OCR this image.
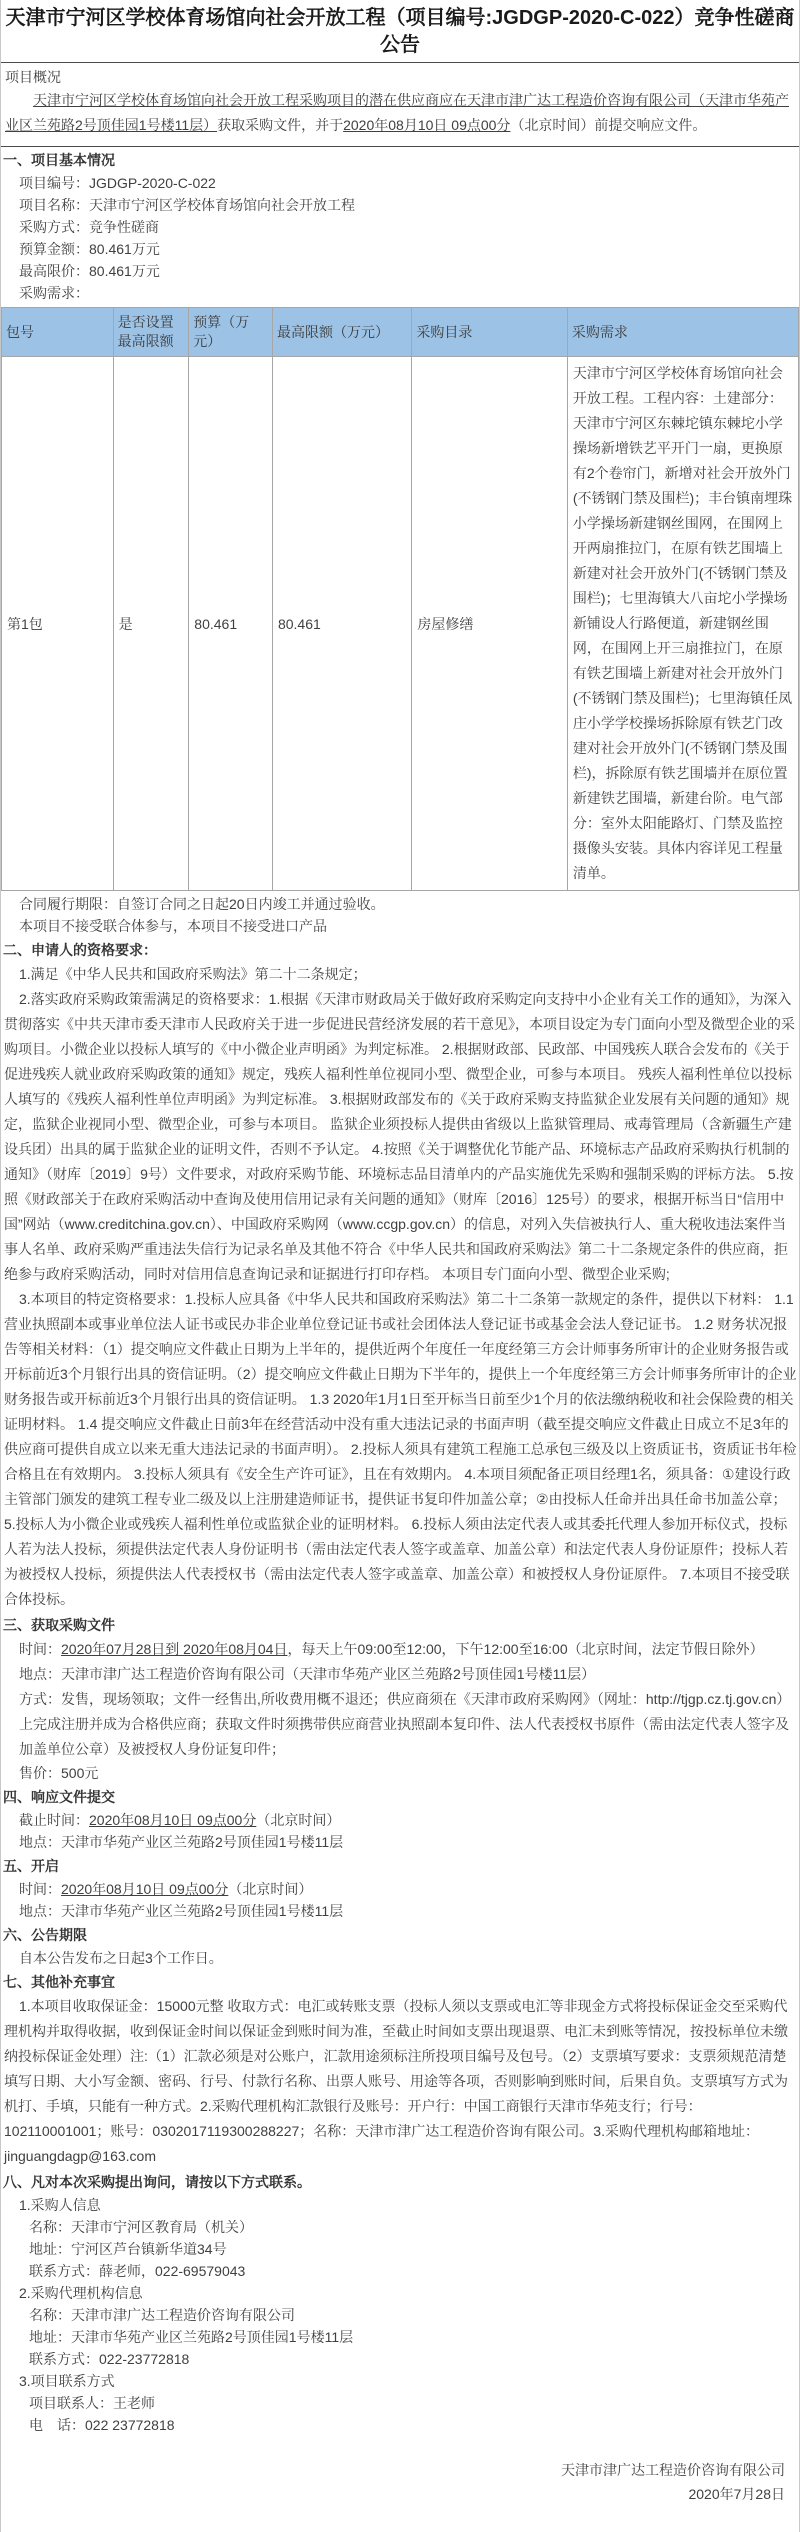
天津市宁河区学校体育场馆向社会开放工程（项目编号:JGDGP-2020-C-022）竞争性磋商公告
项目概况

天津市宁河区学校体育场馆向社会开放工程采购项目的潜在供应商应在天津市津广达工程造价咨询有限公司（天津市华苑产业区兰苑路2号顶佳园1号楼11层）获取采购文件，并于2020年08月10日 09点00分（北京时间）前提交响应文件。

一、项目基本情况
项目编号：JGDGP-2020-C-022
项目名称：天津市宁河区学校体育场馆向社会开放工程
采购方式：竞争性磋商
预算金额：80.461万元
最高限价：80.461万元
采购需求：
包号	是否设置最高限额	预算（万元）	最高限额（万元）	采购目录	采购需求
第1包	是	80.461	80.461	房屋修缮	天津市宁河区学校体育场馆向社会开放工程。工程内容：土建部分：天津市宁河区东棘坨镇东棘坨小学操场新增铁艺平开门一扇，更换原有2个卷帘门，新增对社会开放外门(不锈钢门禁及围栏)；丰台镇南埋珠小学操场新建钢丝围网，在围网上开两扇推拉门，在原有铁艺围墙上新建对社会开放外门(不锈钢门禁及围栏)；七里海镇大八亩坨小学操场新铺设人行路便道，新建钢丝围网，在围网上开三扇推拉门，在原有铁艺围墙上新建对社会开放外门(不锈钢门禁及围栏)；七里海镇任凤庄小学学校操场拆除原有铁艺门改建对社会开放外门(不锈钢门禁及围栏)，拆除原有铁艺围墙并在原位置新建铁艺围墙，新建台阶。电气部分：室外太阳能路灯、门禁及监控摄像头安装。具体内容详见工程量清单。
合同履行期限：自签订合同之日起20日内竣工并通过验收。
本项目不接受联合体参与，本项目不接受进口产品
二、申请人的资格要求：

1.满足《中华人民共和国政府采购法》第二十二条规定；

2.落实政府采购政策需满足的资格要求：1.根据《天津市财政局关于做好政府采购定向支持中小企业有关工作的通知》，为深入贯彻落实《中共天津市委天津市人民政府关于进一步促进民营经济发展的若干意见》，本项目设定为专门面向小型及微型企业的采购项目。小微企业以投标人填写的《中小微企业声明函》为判定标准。 2.根据财政部、民政部、中国残疾人联合会发布的《关于促进残疾人就业政府采购政策的通知》规定，残疾人福利性单位视同小型、微型企业，可参与本项目。 残疾人福利性单位以投标人填写的《残疾人福利性单位声明函》为判定标准。 3.根据财政部发布的《关于政府采购支持监狱企业发展有关问题的通知》规定，监狱企业视同小型、微型企业，可参与本项目。 监狱企业须投标人提供由省级以上监狱管理局、戒毒管理局（含新疆生产建设兵团）出具的属于监狱企业的证明文件，否则不予认定。 4.按照《关于调整优化节能产品、环境标志产品政府采购执行机制的通知》（财库〔2019〕9号）文件要求，对政府采购节能、环境标志品目清单内的产品实施优先采购和强制采购的评标方法。 5.按照《财政部关于在政府采购活动中查询及使用信用记录有关问题的通知》（财库〔2016〕125号）的要求，根据开标当日“信用中国”网站（www.creditchina.gov.cn）、中国政府采购网（www.ccgp.gov.cn）的信息，对列入失信被执行人、重大税收违法案件当事人名单、政府采购严重违法失信行为记录名单及其他不符合《中华人民共和国政府采购法》第二十二条规定条件的供应商，拒绝参与政府采购活动，同时对信用信息查询记录和证据进行打印存档。 本项目专门面向小型、微型企业采购;

3.本项目的特定资格要求：1.投标人应具备《中华人民共和国政府采购法》第二十二条第一款规定的条件，提供以下材料： 1.1营业执照副本或事业单位法人证书或民办非企业单位登记证书或社会团体法人登记证书或基金会法人登记证书。 1.2 财务状况报告等相关材料：（1）提交响应文件截止日期为上半年的，提供近两个年度任一年度经第三方会计师事务所审计的企业财务报告或开标前近3个月银行出具的资信证明。（2）提交响应文件截止日期为下半年的，提供上一个年度经第三方会计师事务所审计的企业财务报告或开标前近3个月银行出具的资信证明。 1.3 2020年1月1日至开标当日前至少1个月的依法缴纳税收和社会保险费的相关证明材料。 1.4 提交响应文件截止日前3年在经营活动中没有重大违法记录的书面声明（截至提交响应文件截止日成立不足3年的供应商可提供自成立以来无重大违法记录的书面声明）。 2.投标人须具有建筑工程施工总承包三级及以上资质证书，资质证书年检合格且在有效期内。 3.投标人须具有《安全生产许可证》，且在有效期内。 4.本项目须配备正项目经理1名，须具备：①建设行政主管部门颁发的建筑工程专业二级及以上注册建造师证书，提供证书复印件加盖公章；②由投标人任命并出具任命书加盖公章； 5.投标人为小微企业或残疾人福利性单位或监狱企业的证明材料。 6.投标人须由法定代表人或其委托代理人参加开标仪式，投标人若为法人投标，须提供法定代表人身份证明书（需由法定代表人签字或盖章、加盖公章）和法定代表人身份证原件；投标人若为被授权人投标，须提供法人代表授权书（需由法定代表人签字或盖章、加盖公章）和被授权人身份证原件。 7.本项目不接受联合体投标。

三、获取采购文件
时间：2020年07月28日到 2020年08月04日，每天上午09:00至12:00，下午12:00至16:00（北京时间，法定节假日除外）
地点：天津市津广达工程造价咨询有限公司（天津市华苑产业区兰苑路2号顶佳园1号楼11层）
方式：发售，现场领取；文件一经售出,所收费用概不退还；供应商须在《天津市政府采购网》（网址：http://tjgp.cz.tj.gov.cn）上完成注册并成为合格供应商；获取文件时须携带供应商营业执照副本复印件、法人代表授权书原件（需由法定代表人签字及加盖单位公章）及被授权人身份证复印件；
售价：500元
四、响应文件提交
截止时间：2020年08月10日 09点00分（北京时间）
地点：天津市华苑产业区兰苑路2号顶佳园1号楼11层
五、开启
时间：2020年08月10日 09点00分（北京时间）
地点：天津市华苑产业区兰苑路2号顶佳园1号楼11层
六、公告期限
自本公告发布之日起3个工作日。
七、其他补充事宜

1.本项目收取保证金：15000元整 收取方式：电汇或转账支票（投标人须以支票或电汇等非现金方式将投标保证金交至采购代理机构并取得收据，收到保证金时间以保证金到账时间为准，至截止时间如支票出现退票、电汇未到账等情况，按投标单位未缴纳投标保证金处理）注:（1）汇款必须是对公账户，汇款用途须标注所投项目编号及包号。（2）支票填写要求：支票须规范清楚填写日期、大小写金额、密码、行号、付款行名称、出票人账号、用途等各项，否则影响到账时间，后果自负。支票填写方式为机打、手填，只能有一种方式。2.采购代理机构汇款银行及账号：开户行：中国工商银行天津市华苑支行；行号：102110001001；账号：0302017119300288227；名称：天津市津广达工程造价咨询有限公司。3.采购代理机构邮箱地址：jinguangdagp@163.com

八、凡对本次采购提出询问，请按以下方式联系。
1.采购人信息
名称：天津市宁河区教育局（机关）
地址：宁河区芦台镇新华道34号
联系方式：薛老师，022-69579043
2.采购代理机构信息
名称：天津市津广达工程造价咨询有限公司
地址：天津市华苑产业区兰苑路2号顶佳园1号楼11层
联系方式：022-23772818
3.项目联系方式
项目联系人：王老师
电　话：022 23772818
天津市津广达工程造价咨询有限公司
2020年7月28日
